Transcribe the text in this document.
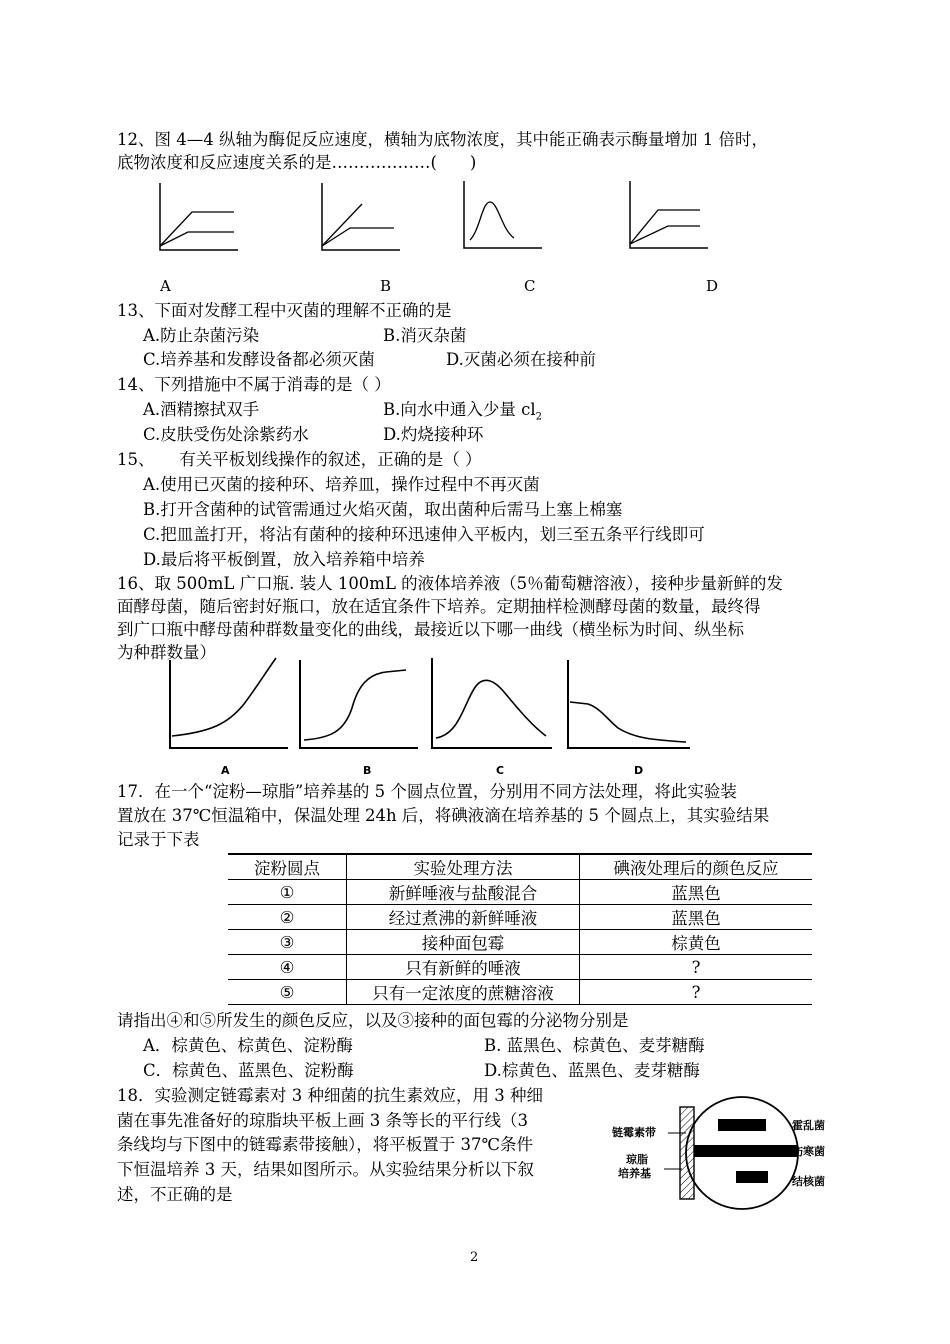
12、图 4—4 纵轴为酶促反应速度，横轴为底物浓度，其中能正确表示酶量增加 1 倍时，
底物浓度和反应速度关系的是………………(　　)
A	B	C	D
13、下面对发酵工程中灭菌的理解不正确的是
A.防止杂菌污染	B.消灭杂菌
C.培养基和发酵设备都必须灭菌	D.灭菌必须在接种前
14、下列措施中不属于消毒的是（ ）
A.酒精擦拭双手	B.向水中通入少量 $cl_2$
C.皮肤受伤处涂紫药水	D.灼烧接种环
15、　　有关平板划线操作的叙述，正确的是（ ）
A.使用已灭菌的接种环、培养皿，操作过程中不再灭菌
B.打开含菌种的试管需通过火焰灭菌，取出菌种后需马上塞上棉塞
C.把皿盖打开，将沾有菌种的接种环迅速伸入平板内，划三至五条平行线即可
D.最后将平板倒置，放入培养箱中培养
16、取 500mL 广口瓶. 装人 100mL 的液体培养液（5％葡萄糖溶液），接种步量新鲜的发
面酵母菌，随后密封好瓶口，放在适宜条件下培养。定期抽样检测酵母菌的数量，最终得
到广口瓶中酵母菌种群数量变化的曲线，最接近以下哪一曲线（横坐标为时间、纵坐标
为种群数量）
A	B	C	D
17．在一个“淀粉—琼脂”培养基的 5 个圆点位置，分别用不同方法处理，将此实验装
置放在 37℃恒温箱中，保温处理 24h 后，将碘液滴在培养基的 5 个圆点上，其实验结果
记录于下表
淀粉圆点	实验处理方法	碘液处理后的颜色反应
①	新鲜唾液与盐酸混合	蓝黑色
②	经过煮沸的新鲜唾液	蓝黑色
③	接种面包霉	棕黄色
④	只有新鲜的唾液	?
⑤	只有一定浓度的蔗糖溶液	?
请指出④和⑤所发生的颜色反应，以及③接种的面包霉的分泌物分别是
A．棕黄色、棕黄色、淀粉酶	B. 蓝黑色、棕黄色、麦芽糖酶
C．棕黄色、蓝黑色、淀粉酶	D.棕黄色、蓝黑色、麦芽糖酶
18．实验测定链霉素对 3 种细菌的抗生素效应，用 3 种细
菌在事先准备好的琼脂块平板上画 3 条等长的平行线（3
条线均与下图中的链霉素带接触），将平板置于 37℃条件
下恒温培养 3 天，结果如图所示。从实验结果分析以下叙
述，不正确的是
链霉素带
琼脂
培养基
霍乱菌
伤寒菌
结核菌
2
